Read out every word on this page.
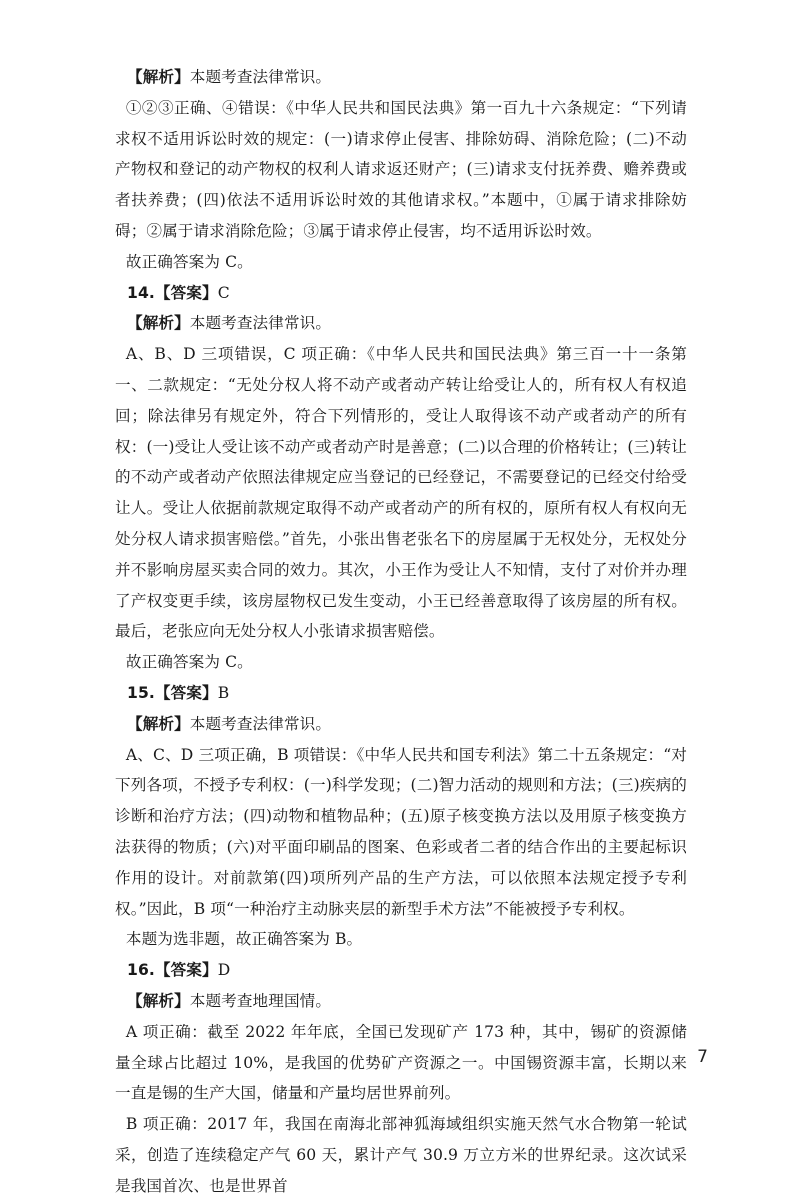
【解析】本题考查法律常识。

①②③正确、④错误：《中华人民共和国民法典》第一百九十六条规定：“下列请求权不适用诉讼时效的规定：(一)请求停止侵害、排除妨碍、消除危险；(二)不动产物权和登记的动产物权的权利人请求返还财产；(三)请求支付抚养费、赡养费或者扶养费；(四)依法不适用诉讼时效的其他请求权。”本题中，①属于请求排除妨碍；②属于请求消除危险；③属于请求停止侵害，均不适用诉讼时效。

故正确答案为 C。

14.【答案】C

【解析】本题考查法律常识。

A、B、D 三项错误，C 项正确：《中华人民共和国民法典》第三百一十一条第一、二款规定：“无处分权人将不动产或者动产转让给受让人的，所有权人有权追回；除法律另有规定外，符合下列情形的，受让人取得该不动产或者动产的所有权：(一)受让人受让该不动产或者动产时是善意；(二)以合理的价格转让；(三)转让的不动产或者动产依照法律规定应当登记的已经登记，不需要登记的已经交付给受让人。受让人依据前款规定取得不动产或者动产的所有权的，原所有权人有权向无处分权人请求损害赔偿。”首先，小张出售老张名下的房屋属于无权处分，无权处分并不影响房屋买卖合同的效力。其次，小王作为受让人不知情，支付了对价并办理了产权变更手续，该房屋物权已发生变动，小王已经善意取得了该房屋的所有权。最后，老张应向无处分权人小张请求损害赔偿。

故正确答案为 C。

15.【答案】B

【解析】本题考查法律常识。

A、C、D 三项正确，B 项错误：《中华人民共和国专利法》第二十五条规定：“对下列各项，不授予专利权：(一)科学发现；(二)智力活动的规则和方法；(三)疾病的诊断和治疗方法；(四)动物和植物品种；(五)原子核变换方法以及用原子核变换方法获得的物质；(六)对平面印刷品的图案、色彩或者二者的结合作出的主要起标识作用的设计。对前款第(四)项所列产品的生产方法，可以依照本法规定授予专利权。”因此，B 项“一种治疗主动脉夹层的新型手术方法”不能被授予专利权。

本题为选非题，故正确答案为 B。

16.【答案】D

【解析】本题考查地理国情。

A 项正确：截至 2022 年年底，全国已发现矿产 173 种，其中，锡矿的资源储量全球占比超过 10%，是我国的优势矿产资源之一。中国锡资源丰富，长期以来一直是锡的生产大国，储量和产量均居世界前列。

B 项正确：2017 年，我国在南海北部神狐海域组织实施天然气水合物第一轮试采，创造了连续稳定产气 60 天，累计产气 30.9 万立方米的世界纪录。这次试采是我国首次、也是世界首

7
